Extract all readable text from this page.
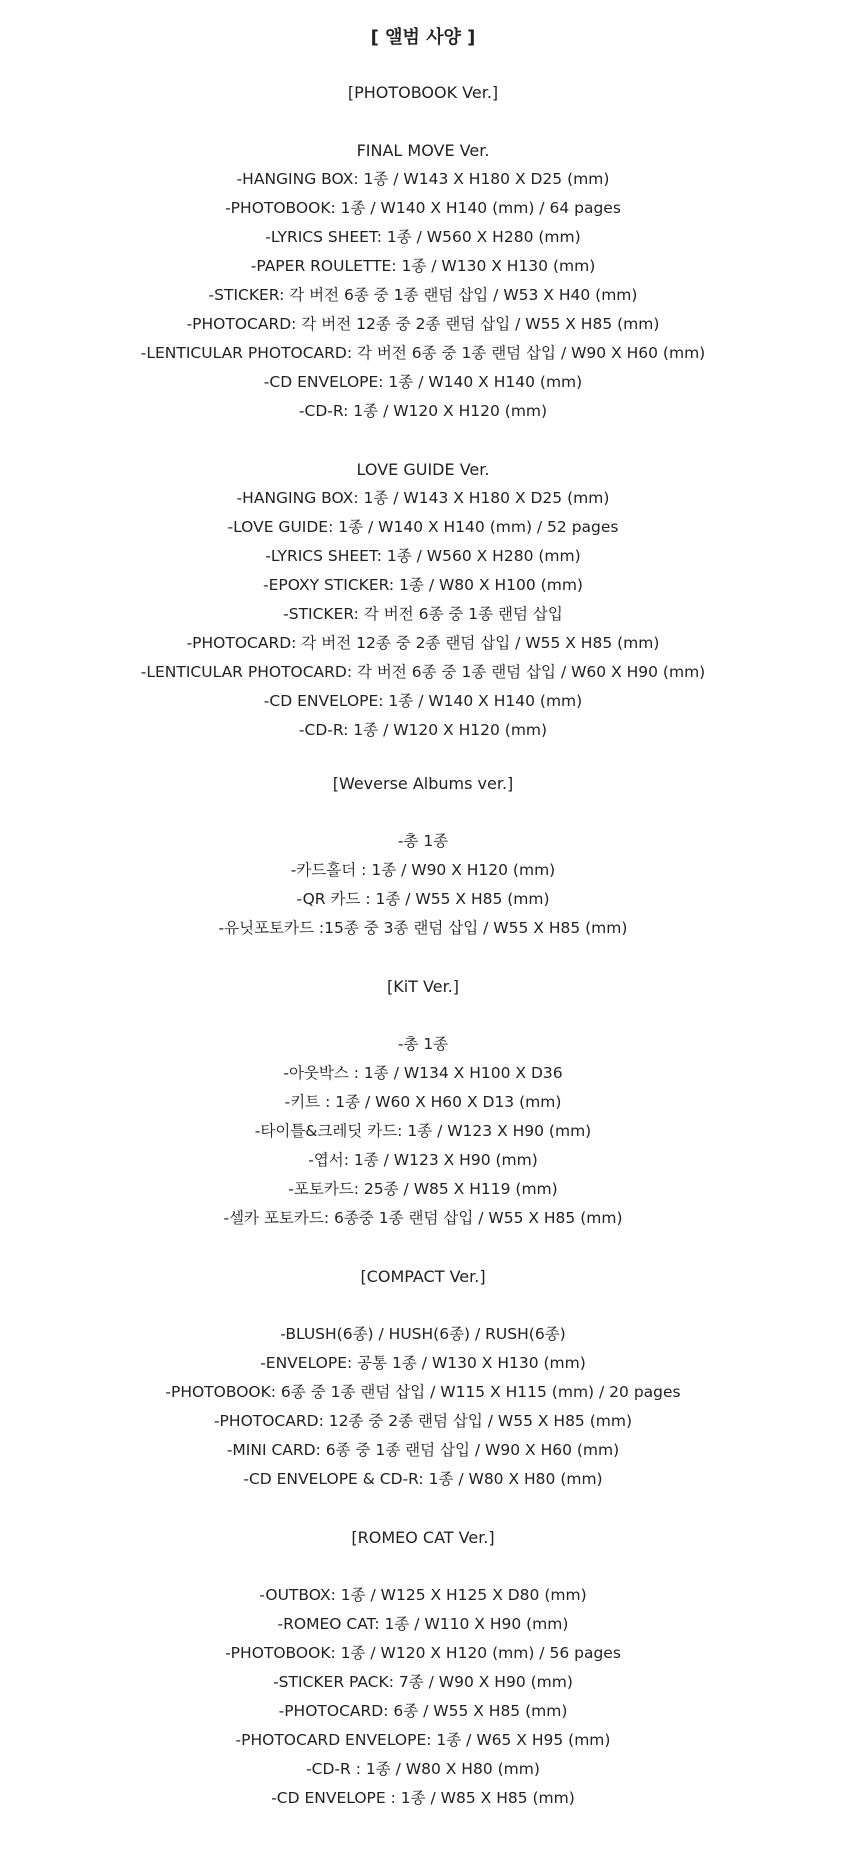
[ 앨범 사양 ]
[PHOTOBOOK Ver.]
FINAL MOVE Ver.
-HANGING BOX: 1종 / W143 X H180 X D25 (mm)
-PHOTOBOOK: 1종 / W140 X H140 (mm) / 64 pages
-LYRICS SHEET: 1종 / W560 X H280 (mm)
-PAPER ROULETTE: 1종 / W130 X H130 (mm)
-STICKER: 각 버전 6종 중 1종 랜덤 삽입 / W53 X H40 (mm)
-PHOTOCARD: 각 버전 12종 중 2종 랜덤 삽입 / W55 X H85 (mm)
-LENTICULAR PHOTOCARD: 각 버전 6종 중 1종 랜덤 삽입 / W90 X H60 (mm)
-CD ENVELOPE: 1종 / W140 X H140 (mm)
-CD-R: 1종 / W120 X H120 (mm)
LOVE GUIDE Ver.
-HANGING BOX: 1종 / W143 X H180 X D25 (mm)
-LOVE GUIDE: 1종 / W140 X H140 (mm) / 52 pages
-LYRICS SHEET: 1종 / W560 X H280 (mm)
-EPOXY STICKER: 1종 / W80 X H100 (mm)
-STICKER: 각 버전 6종 중 1종 랜덤 삽입
-PHOTOCARD: 각 버전 12종 중 2종 랜덤 삽입 / W55 X H85 (mm)
-LENTICULAR PHOTOCARD: 각 버전 6종 중 1종 랜덤 삽입 / W60 X H90 (mm)
-CD ENVELOPE: 1종 / W140 X H140 (mm)
-CD-R: 1종 / W120 X H120 (mm)
[Weverse Albums ver.]
-총 1종
-카드홀더 : 1종 / W90 X H120 (mm)
-QR 카드 : 1종 / W55 X H85 (mm)
-유닛포토카드 :15종 중 3종 랜덤 삽입 / W55 X H85 (mm)
[KiT Ver.]
-총 1종
-아웃박스 : 1종 / W134 X H100 X D36
-키트 : 1종 / W60 X H60 X D13 (mm)
-타이틀&크레딧 카드: 1종 / W123 X H90 (mm)
-엽서: 1종 / W123 X H90 (mm)
-포토카드: 25종 / W85 X H119 (mm)
-셀카 포토카드: 6종중 1종 랜덤 삽입 / W55 X H85 (mm)
[COMPACT Ver.]
-BLUSH(6종) / HUSH(6종) / RUSH(6종)
-ENVELOPE: 공통 1종 / W130 X H130 (mm)
-PHOTOBOOK: 6종 중 1종 랜덤 삽입 / W115 X H115 (mm) / 20 pages
-PHOTOCARD: 12종 중 2종 랜덤 삽입 / W55 X H85 (mm)
-MINI CARD: 6종 중 1종 랜덤 삽입 / W90 X H60 (mm)
-CD ENVELOPE & CD-R: 1종 / W80 X H80 (mm)
[ROMEO CAT Ver.]
-OUTBOX: 1종 / W125 X H125 X D80 (mm)
-ROMEO CAT: 1종 / W110 X H90 (mm)
-PHOTOBOOK: 1종 / W120 X H120 (mm) / 56 pages
-STICKER PACK: 7종 / W90 X H90 (mm)
-PHOTOCARD: 6종 / W55 X H85 (mm)
-PHOTOCARD ENVELOPE: 1종 / W65 X H95 (mm)
-CD-R : 1종 / W80 X H80 (mm)
-CD ENVELOPE : 1종 / W85 X H85 (mm)
